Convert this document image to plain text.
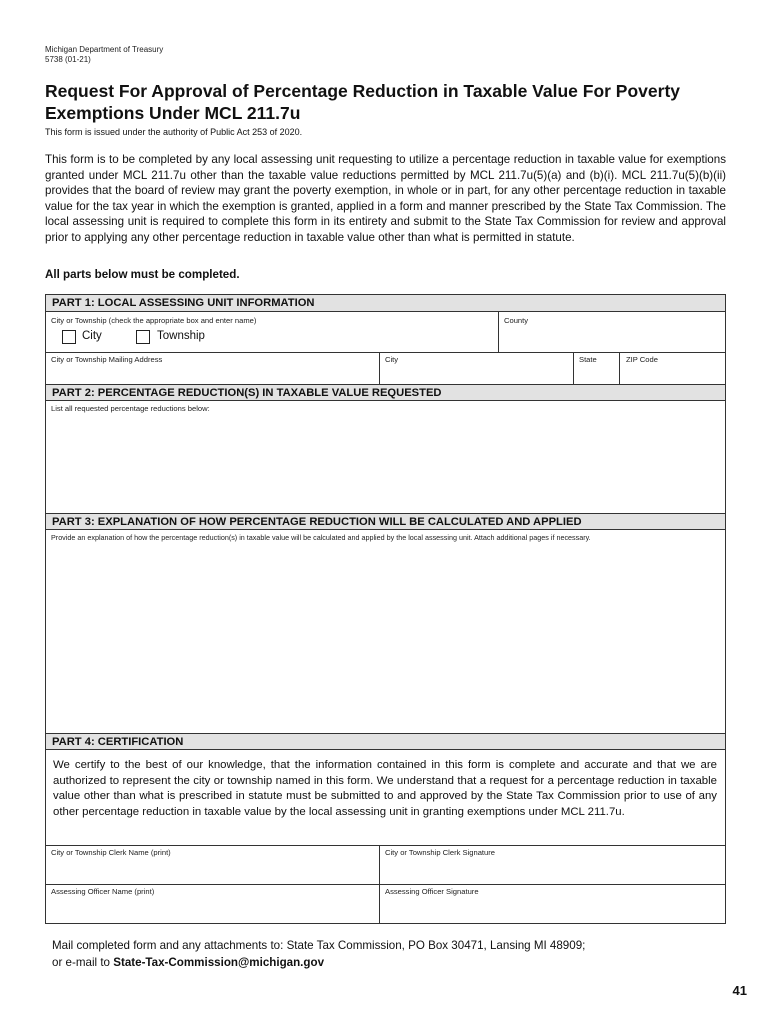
Michigan Department of Treasury
5738 (01-21)
Request For Approval of Percentage Reduction in Taxable Value For Poverty Exemptions Under MCL 211.7u
This form is issued under the authority of Public Act 253 of 2020.

This form is to be completed by any local assessing unit requesting to utilize a percentage reduction in taxable value for exemptions granted under MCL 211.7u other than the taxable value reductions permitted by MCL 211.7u(5)(a) and (b)(i). MCL 211.7u(5)(b)(ii) provides that the board of review may grant the poverty exemption, in whole or in part, for any other percentage reduction in taxable value for the tax year in which the exemption is granted, applied in a form and manner prescribed by the State Tax Commission. The local assessing unit is required to complete this form in its entirety and submit to the State Tax Commission for review and approval prior to applying any other percentage reduction in taxable value other than what is permitted in statute.

All parts below must be completed.
PART 1: LOCAL ASSESSING UNIT INFORMATION
City or Township (check the appropriate box and enter name)	County
City	Township
City or Township Mailing Address	City	State	ZIP Code
PART 2: PERCENTAGE REDUCTION(S) IN TAXABLE VALUE REQUESTED
List all requested percentage reductions below:
PART 3: EXPLANATION OF HOW PERCENTAGE REDUCTION WILL BE CALCULATED AND APPLIED
Provide an explanation of how the percentage reduction(s) in taxable value will be calculated and applied by the local assessing unit. Attach additional pages if necessary.
PART 4: CERTIFICATION

We certify to the best of our knowledge, that the information contained in this form is complete and accurate and that we are authorized to represent the city or township named in this form. We understand that a request for a percentage reduction in taxable value other than what is prescribed in statute must be submitted to and approved by the State Tax Commission prior to use of any other percentage reduction in taxable value by the local assessing unit in granting exemptions under MCL 211.7u.

City or Township Clerk Name (print)	City or Township Clerk Signature
Assessing Officer Name (print)	Assessing Officer Signature
Mail completed form and any attachments to: State Tax Commission, PO Box 30471, Lansing MI 48909;
or e-mail to State-Tax-Commission@michigan.gov
41
